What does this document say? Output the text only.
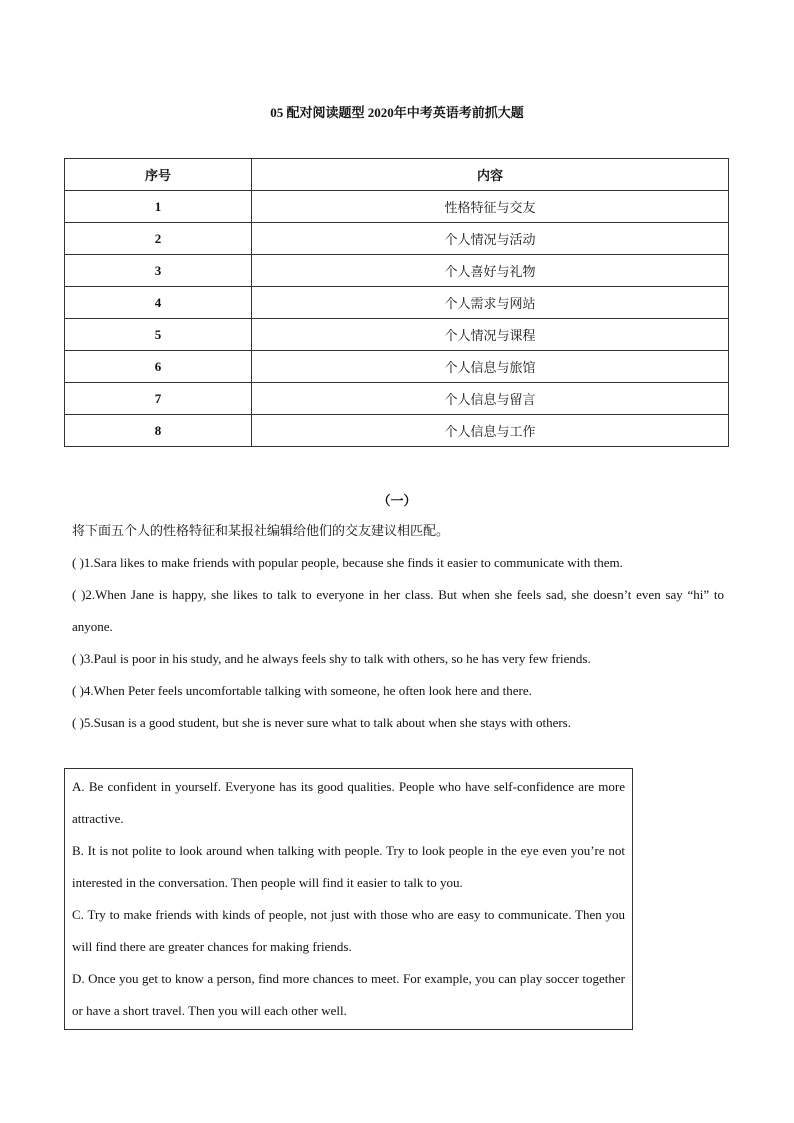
05 配对阅读题型 2020年中考英语考前抓大题
序号	内容
1	性格特征与交友
2	个人情况与活动
3	个人喜好与礼物
4	个人需求与网站
5	个人情况与课程
6	个人信息与旅馆
7	个人信息与留言
8	个人信息与工作
（一）
将下面五个人的性格特征和某报社编辑给他们的交友建议相匹配。
( )1.Sara likes to make friends with popular people, because she finds it easier to communicate with them.
( )2.When Jane is happy, she likes to talk to everyone in her class. But when she feels sad, she doesn’t even say “hi” to anyone.
( )3.Paul is poor in his study, and he always feels shy to talk with others, so he has very few friends.
( )4.When Peter feels uncomfortable talking with someone, he often look here and there.
( )5.Susan is a good student, but she is never sure what to talk about when she stays with others.
A. Be confident in yourself. Everyone has its good qualities. People who have self-confidence are more attractive.
B. It is not polite to look around when talking with people. Try to look people in the eye even you’re not interested in the conversation. Then people will find it easier to talk to you.
C. Try to make friends with kinds of people, not just with those who are easy to communicate. Then you will find there are greater chances for making friends.
D. Once you get to know a person, find more chances to meet. For example, you can play soccer together or have a short travel. Then you will each other well.
